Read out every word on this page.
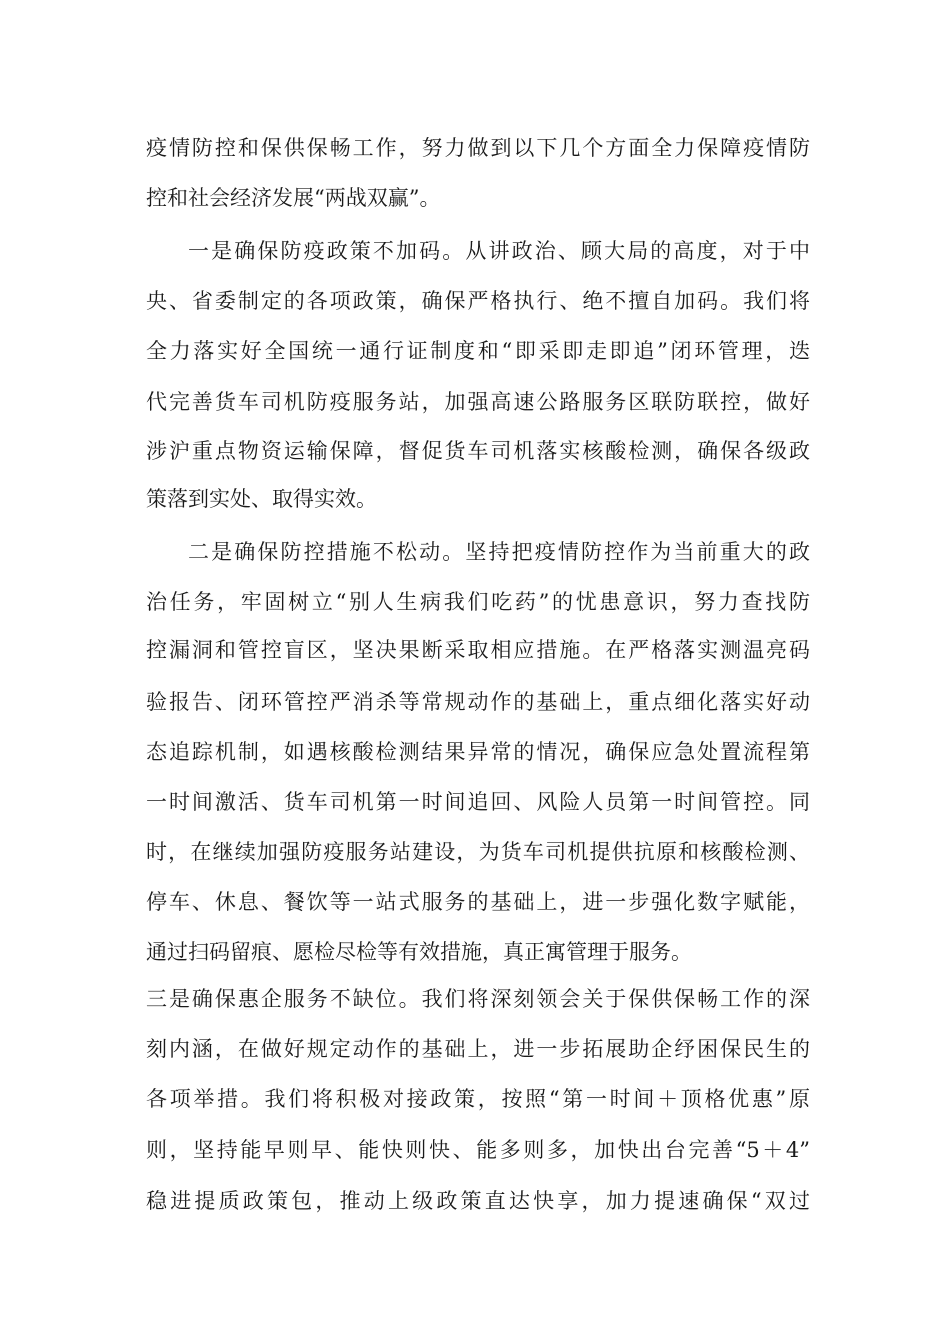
疫情防控和保供保畅工作，努力做到以下几个方面全力保障疫情防
控和社会经济发展“两战双赢”。
一是确保防疫政策不加码。从讲政治、顾大局的高度，对于中
央、省委制定的各项政策，确保严格执行、绝不擅自加码。我们将
全力落实好全国统一通行证制度和“即采即走即追”闭环管理，迭
代完善货车司机防疫服务站，加强高速公路服务区联防联控，做好
涉沪重点物资运输保障，督促货车司机落实核酸检测，确保各级政
策落到实处、取得实效。
二是确保防控措施不松动。坚持把疫情防控作为当前重大的政
治任务，牢固树立“别人生病我们吃药”的忧患意识，努力查找防
控漏洞和管控盲区，坚决果断采取相应措施。在严格落实测温亮码
验报告、闭环管控严消杀等常规动作的基础上，重点细化落实好动
态追踪机制，如遇核酸检测结果异常的情况，确保应急处置流程第
一时间激活、货车司机第一时间追回、风险人员第一时间管控。同
时，在继续加强防疫服务站建设，为货车司机提供抗原和核酸检测、
停车、休息、餐饮等一站式服务的基础上，进一步强化数字赋能，
通过扫码留痕、愿检尽检等有效措施，真正寓管理于服务。
三是确保惠企服务不缺位。我们将深刻领会关于保供保畅工作的深
刻内涵，在做好规定动作的基础上，进一步拓展助企纾困保民生的
各项举措。我们将积极对接政策，按照“第一时间＋顶格优惠”原
则，坚持能早则早、能快则快、能多则多，加快出台完善“5＋4”
稳进提质政策包，推动上级政策直达快享，加力提速确保“双过
